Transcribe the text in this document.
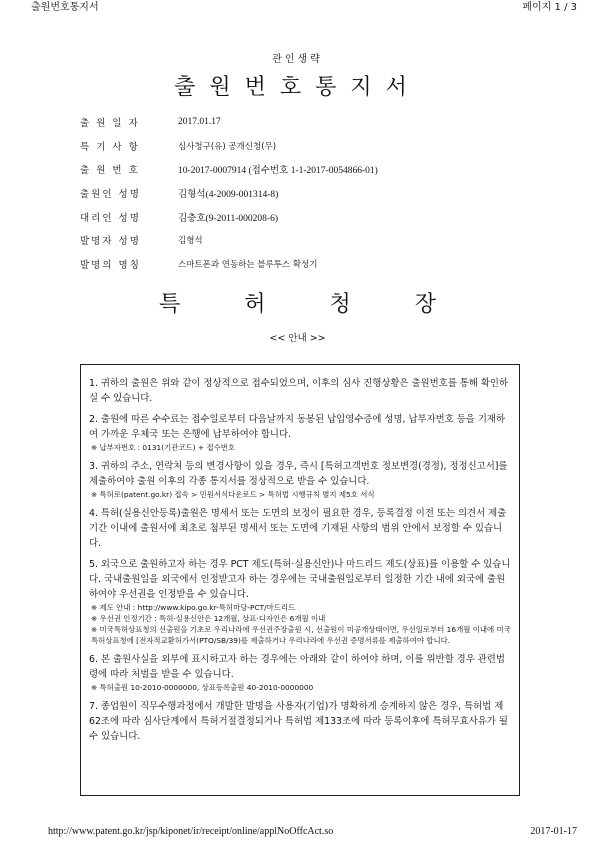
출원번호통지서	페이지 1 / 3
관인생략
출원번호통지서
출 원 일 자	2017.01.17
특 기 사 항	심사청구(유) 공개신청(무)
출 원 번 호	10-2017-0007914 (접수번호 1-1-2017-0054866-01)
출원인 성명	김형석(4-2009-001314-8)
대리인 성명	김충호(9-2011-000208-6)
발명자 성명	김형석
발명의 명칭	스마트폰과 연동하는 블루투스 확성기
특	허	청	장
<< 안내 >>
1. 귀하의 출원은 위와 같이 정상적으로 접수되었으며, 이후의 심사 진행상황은 출원번호를 통해 확인하실 수 있습니다.
2. 출원에 따른 수수료는 접수일로부터 다음날까지 동봉된 납입영수증에 성명, 납부자번호 등을 기재하여 가까운 우체국 또는 은행에 납부하여야 합니다.
※ 납부자번호 : 0131(기관코드) + 접수번호
3. 귀하의 주소, 연락처 등의 변경사항이 있을 경우, 즉시 [특허고객번호 정보변경(경정), 정정신고서]를 제출하여야 출원 이후의 각종 통지서를 정상적으로 받을 수 있습니다.
※ 특허로(patent.go.kr) 접속 > 민원서식다운로드 > 특허법 시행규칙 별지 제5호 서식
4. 특허(실용신안등록)출원은 명세서 또는 도면의 보정이 필요한 경우, 등록결정 이전 또는 의견서 제출기간 이내에 출원서에 최초로 첨부된 명세서 또는 도면에 기재된 사항의 범위 안에서 보정할 수 있습니다.
5. 외국으로 출원하고자 하는 경우 PCT 제도(특허·실용신안)나 마드리드 제도(상표)를 이용할 수 있습니다. 국내출원일을 외국에서 인정받고자 하는 경우에는 국내출원일로부터 일정한 기간 내에 외국에 출원하여야 우선권을 인정받을 수 있습니다.
※ 제도 안내 : http://www.kipo.go.kr-특허마당-PCT/마드리드
※ 우선권 인정기간 : 특허·실용신안은 12개월, 상표·디자인은 6개월 이내
※ 미국특허상표청의 선출원을 기초로 우리나라에 우선권주장출원 시, 선출원이 미공개상태이면, 우선일로부터 16개월 이내에 미국특허상표청에 [전자적교환허가서(PTO/SB/39)를 제출하거나 우리나라에 우선권 증명서류를 제출하여야 합니다.
6. 본 출원사실을 외부에 표시하고자 하는 경우에는 아래와 같이 하여야 하며, 이를 위반할 경우 관련법령에 따라 처벌을 받을 수 있습니다.
※ 특허출원 10-2010-0000000, 상표등록출원 40-2010-0000000
7. 종업원이 직무수행과정에서 개발한 발명을 사용자(기업)가 명확하게 승계하지 않은 경우, 특허법 제62조에 따라 심사단계에서 특허거절결정되거나 특허법 제133조에 따라 등록이후에 특허무효사유가 될 수 있습니다.
http://www.patent.go.kr/jsp/kiponet/ir/receipt/online/applNoOffcAct.so	2017-01-17
